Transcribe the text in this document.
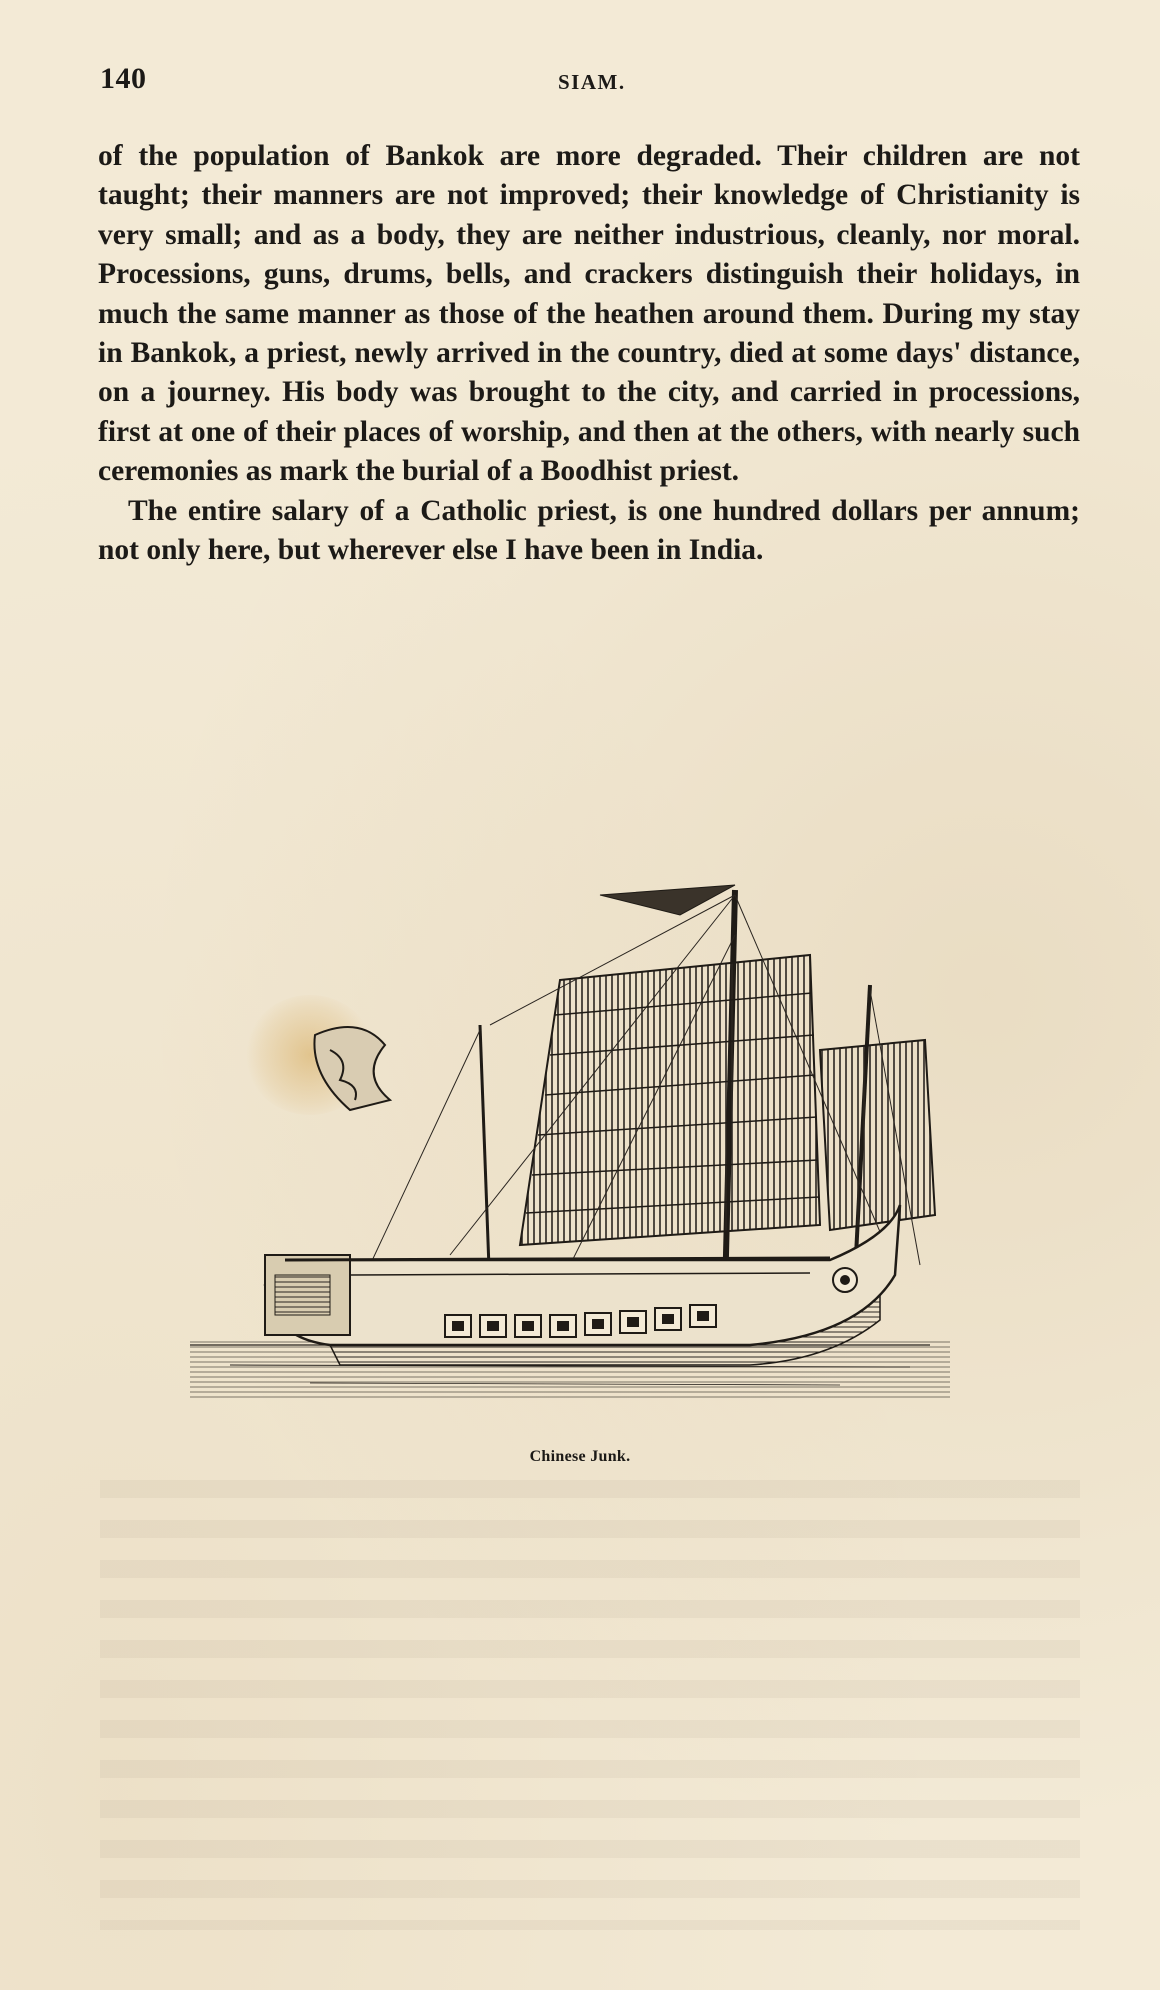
140	SIAM.

of the population of Bankok are more degraded. Their children are not taught; their manners are not improved; their knowledge of Christianity is very small; and as a body, they are neither industrious, cleanly, nor moral. Processions, guns, drums, bells, and crackers distinguish their holidays, in much the same manner as those of the heathen around them. During my stay in Bankok, a priest, newly arrived in the country, died at some days' distance, on a journey. His body was brought to the city, and carried in processions, first at one of their places of worship, and then at the others, with nearly such ceremonies as mark the burial of a Boodhist priest.

The entire salary of a Catholic priest, is one hundred dollars per annum; not only here, but wherever else I have been in India.

Chinese Junk.
